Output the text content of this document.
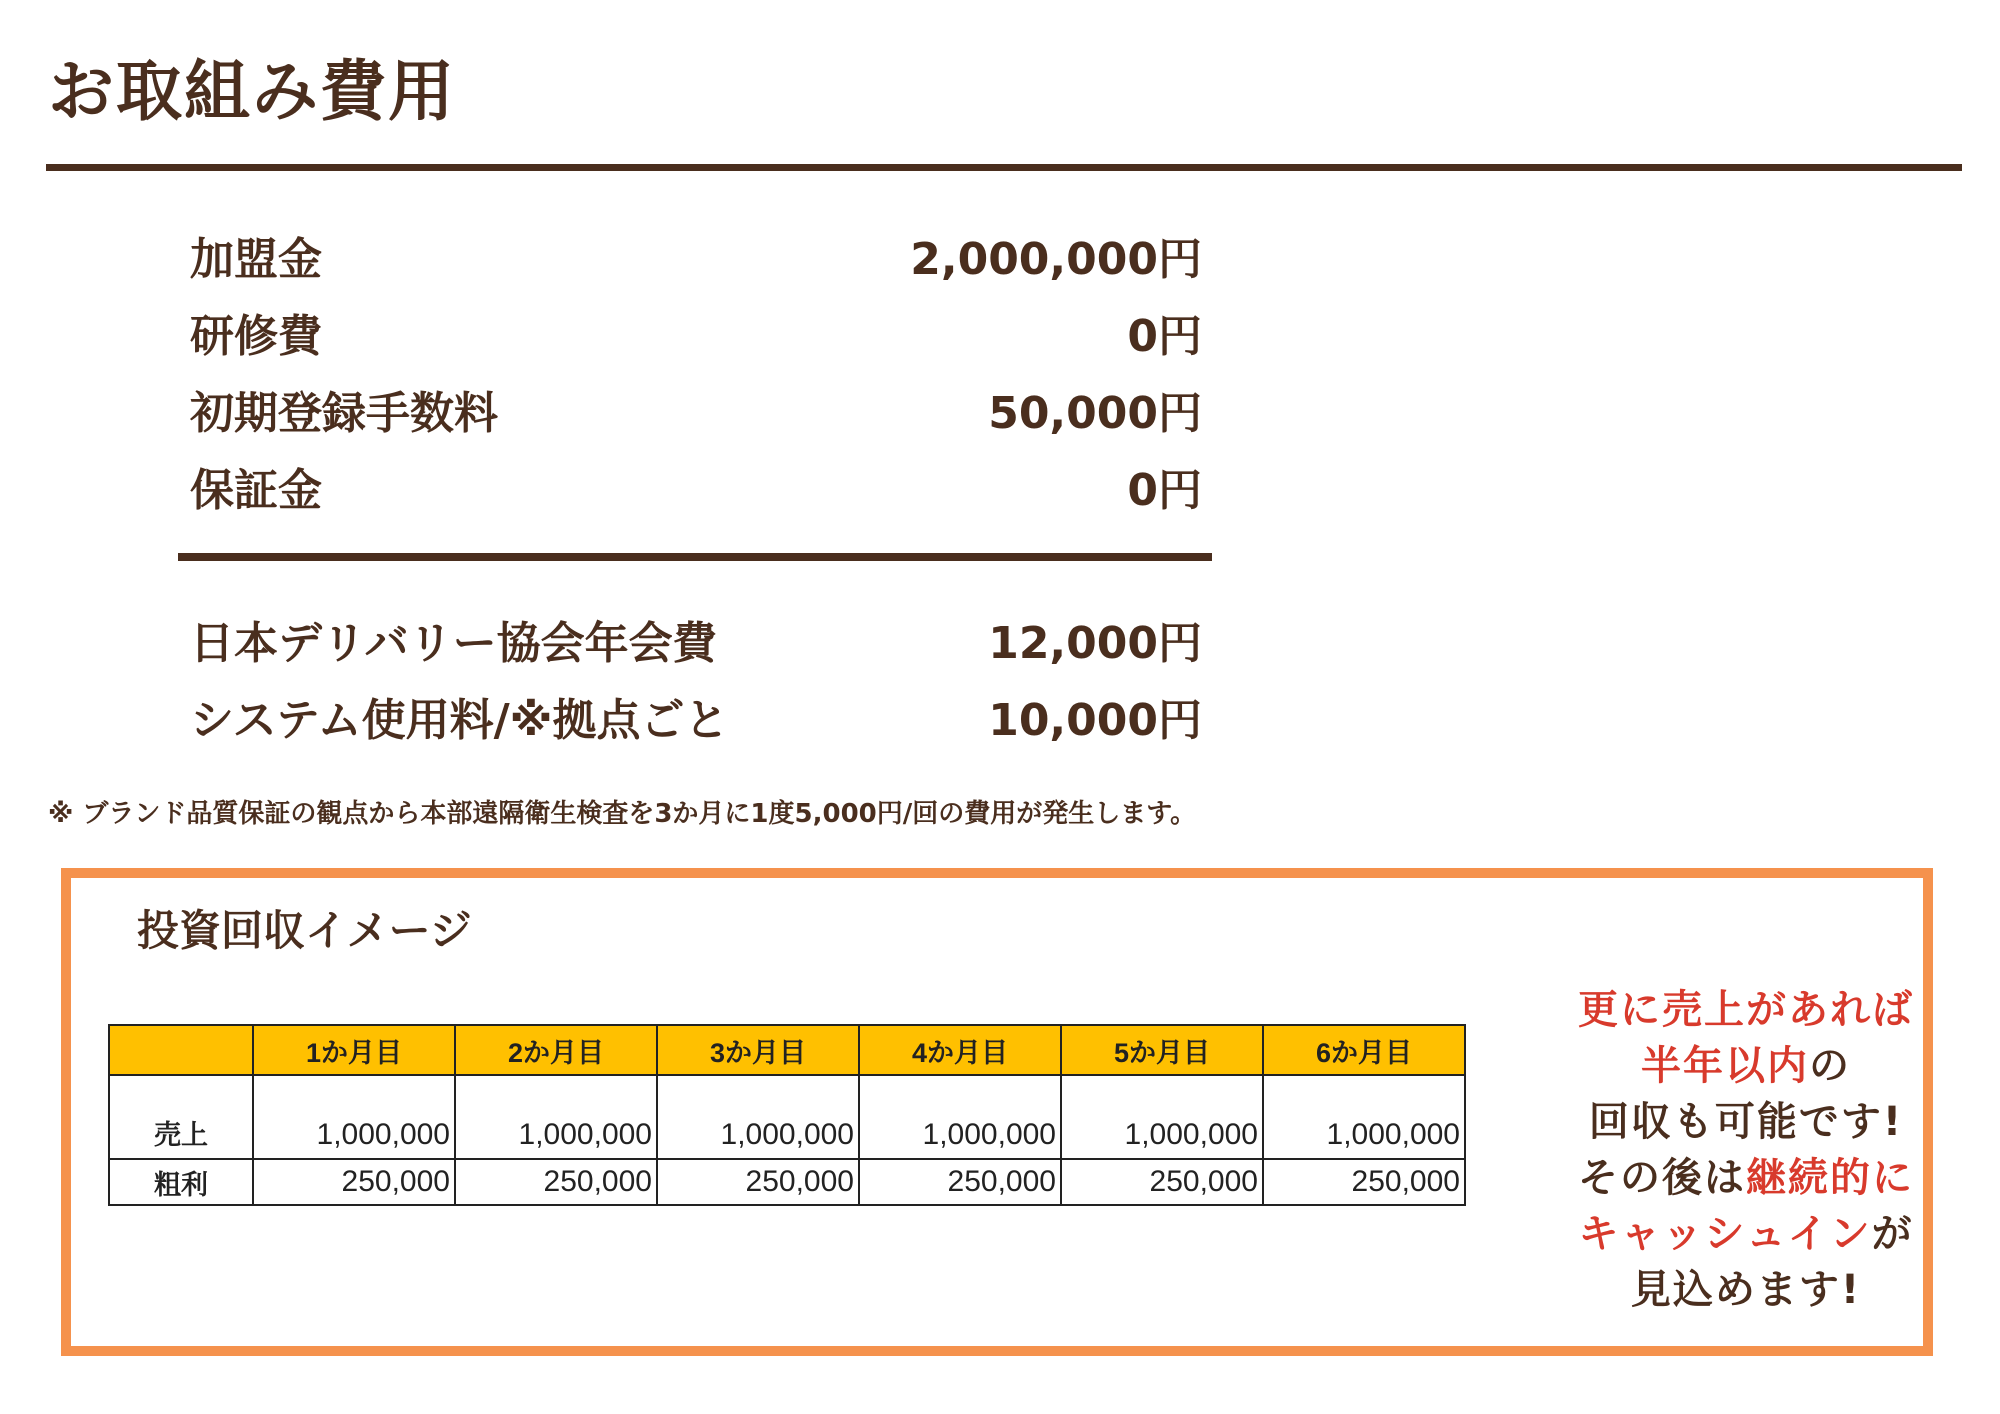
お取組み費用
加盟金	2,000,000円
研修費	0円
初期登録手数料	50,000円
保証金	0円
日本デリバリー協会年会費	12,000円
システム使用料/※拠点ごと	10,000円
※ ブランド品質保証の観点から本部遠隔衛生検査を3か月に1度5,000円/回の費用が発生します。
投資回収イメージ
	1か月目	2か月目	3か月目	4か月目	5か月目	6か月目
売上	1,000,000	1,000,000	1,000,000	1,000,000	1,000,000	1,000,000
粗利	250,000	250,000	250,000	250,000	250,000	250,000
更に売上があれば
半年以内の
回収も可能です!
その後は継続的に
キャッシュインが
見込めます!
